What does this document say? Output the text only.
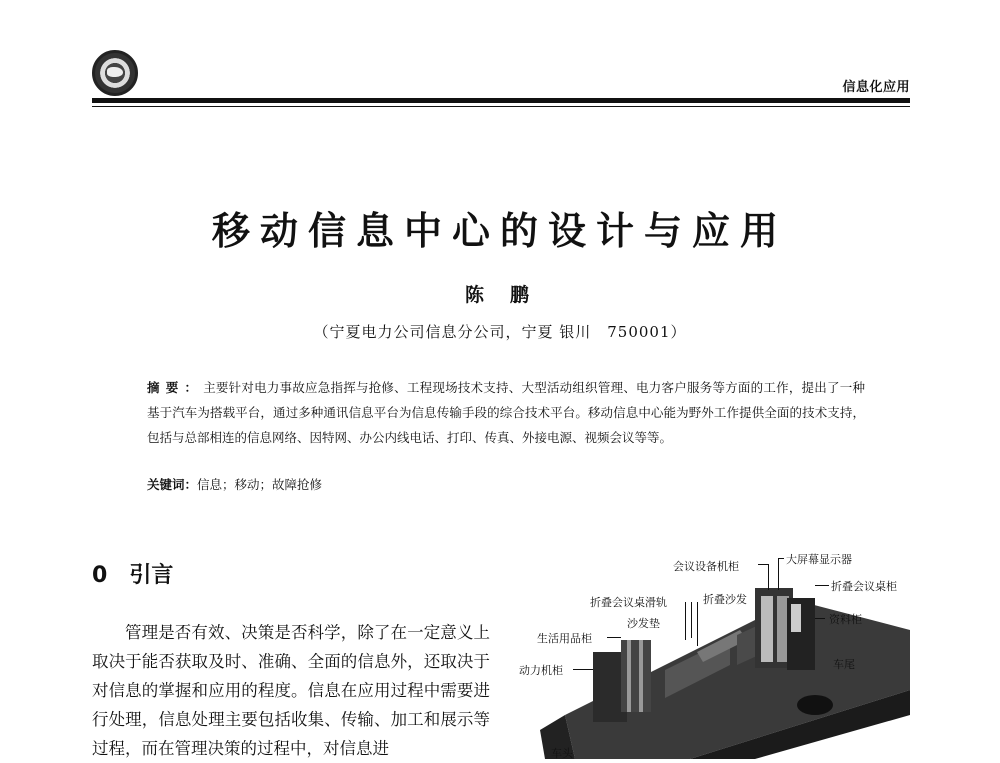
信息化应用
移动信息中心的设计与应用
陈鹏
（宁夏电力公司信息分公司，宁夏 银川　750001）
摘要：主要针对电力事故应急指挥与抢修、工程现场技术支持、大型活动组织管理、电力客户服务等方面的工作，提出了一种基于汽车为搭载平台，通过多种通讯信息平台为信息传输手段的综合技术平台。移动信息中心能为野外工作提供全面的技术支持，包括与总部相连的信息网络、因特网、办公内线电话、打印、传真、外接电源、视频会议等等。
关键词：信息；移动；故障抢修
0 引言
管理是否有效、决策是否科学，除了在一定意义上取决于能否获取及时、准确、全面的信息外，还取决于对信息的掌握和应用的程度。信息在应用过程中需要进行处理，信息处理主要包括收集、传输、加工和展示等过程，而在管理决策的过程中，对信息进
会议设备机柜
大屏幕显示器
折叠会议桌柜
折叠会议桌滑轨	折叠沙发
资料柜
沙发垫
生活用品柜
动力机柜	车尾
车头
